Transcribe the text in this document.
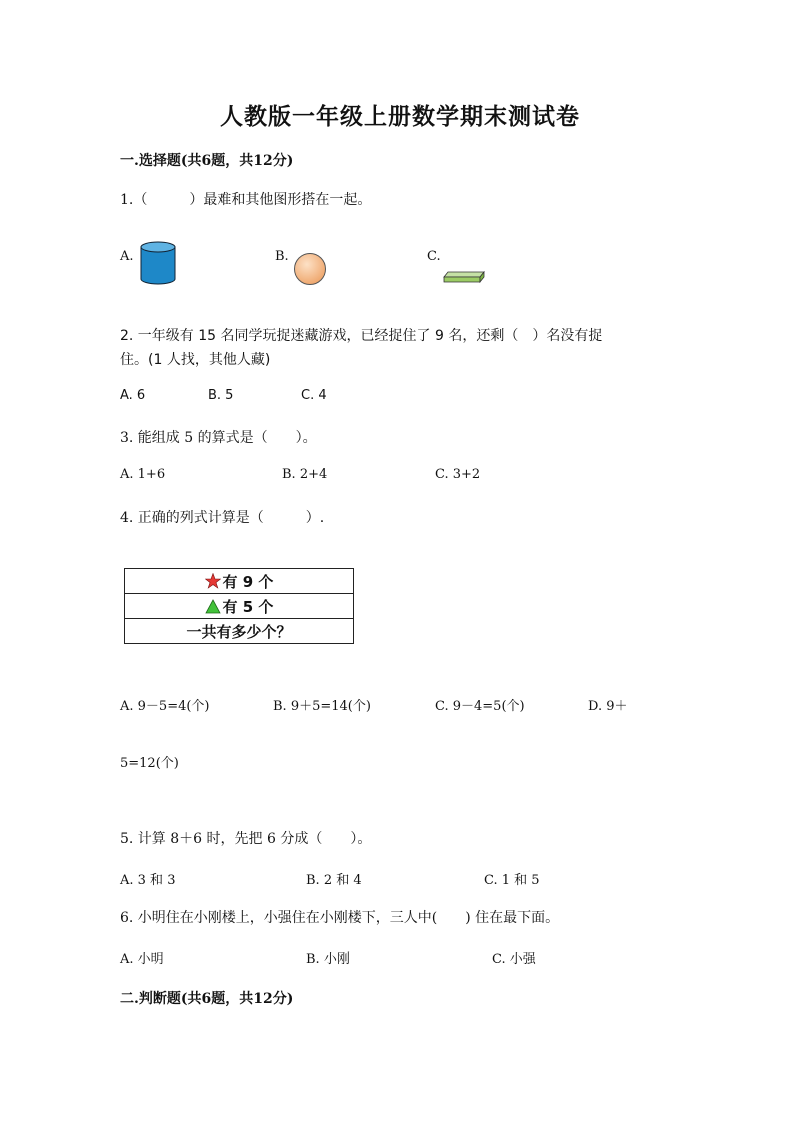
人教版一年级上册数学期末测试卷
一.选择题(共6题，共12分)
1.（　　　）最难和其他图形搭在一起。
A.	B.	C.
2. 一年级有 15 名同学玩捉迷藏游戏，已经捉住了 9 名，还剩（　）名没有捉
住。(1 人找，其他人藏)
A. 6	B. 5	C. 4
3. 能组成 5 的算式是（　　）。
A. 1+6	B. 2+4	C. 3+2
4. 正确的列式计算是（　　　）.
有 9 个
有 5 个
一共有多少个？
A. 9－5=4(个)	B. 9＋5=14(个)	C. 9－4=5(个)	D. 9＋
5=12(个)
5. 计算 8＋6 时，先把 6 分成（　　）。
A. 3 和 3	B. 2 和 4	C. 1 和 5
6. 小明住在小刚楼上，小强住在小刚楼下，三人中(　　) 住在最下面。
A. 小明	B. 小刚	C. 小强
二.判断题(共6题，共12分)
